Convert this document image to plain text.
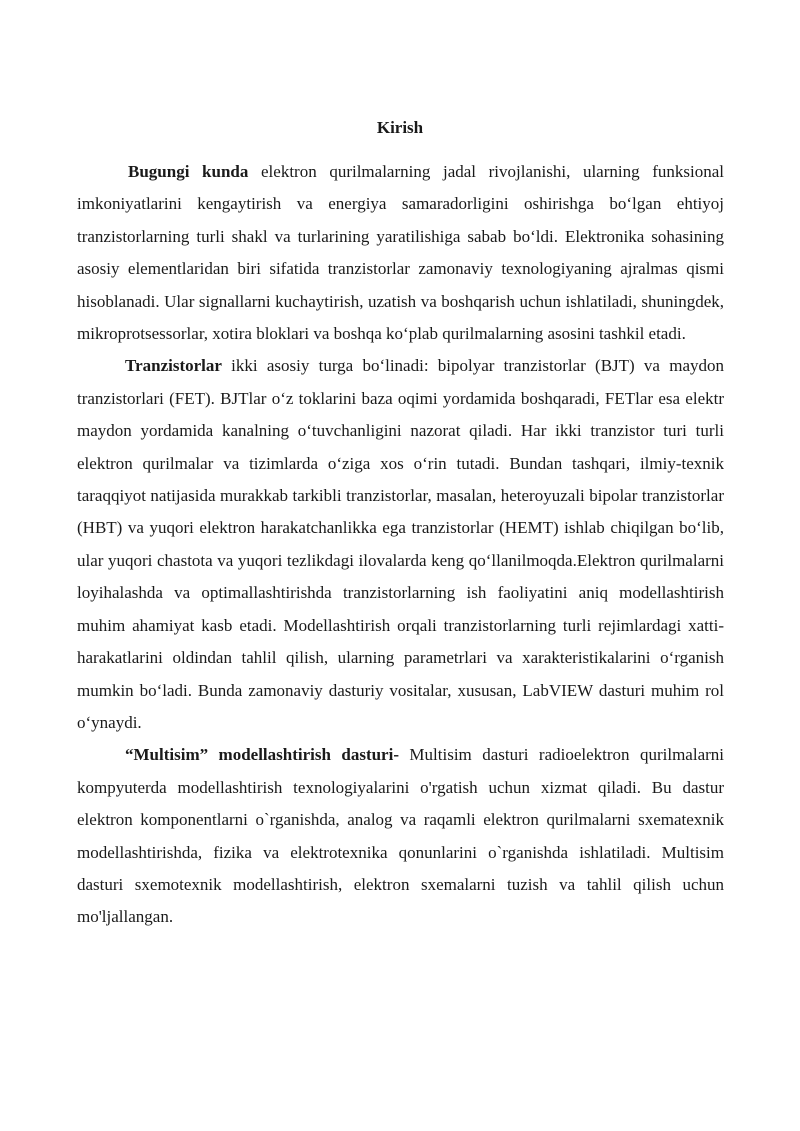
Kirish

Bugungi kunda elektron qurilmalarning jadal rivojlanishi, ularning funksional imkoniyatlarini kengaytirish va energiya samaradorligini oshirishga bo‘lgan ehtiyoj tranzistorlarning turli shakl va turlarining yaratilishiga sabab bo‘ldi. Elektronika sohasining asosiy elementlaridan biri sifatida tranzistorlar zamonaviy texnologiyaning ajralmas qismi hisoblanadi. Ular signallarni kuchaytirish, uzatish va boshqarish uchun ishlatiladi, shuningdek, mikroprotsessorlar, xotira bloklari va boshqa ko‘plab qurilmalarning asosini tashkil etadi.

Tranzistorlar ikki asosiy turga bo‘linadi: bipolyar tranzistorlar (BJT) va maydon tranzistorlari (FET). BJTlar o‘z toklarini baza oqimi yordamida boshqaradi, FETlar esa elektr maydon yordamida kanalning o‘tuvchanligini nazorat qiladi. Har ikki tranzistor turi turli elektron qurilmalar va tizimlarda o‘ziga xos o‘rin tutadi. Bundan tashqari, ilmiy-texnik taraqqiyot natijasida murakkab tarkibli tranzistorlar, masalan, heteroyuzali bipolar tranzistorlar (HBT) va yuqori elektron harakatchanlikka ega tranzistorlar (HEMT) ishlab chiqilgan bo‘lib, ular yuqori chastota va yuqori tezlikdagi ilovalarda keng qo‘llanilmoqda.Elektron qurilmalarni loyihalashda va optimallashtirishda tranzistorlarning ish faoliyatini aniq modellashtirish muhim ahamiyat kasb etadi. Modellashtirish orqali tranzistorlarning turli rejimlardagi xatti-harakatlarini oldindan tahlil qilish, ularning parametrlari va xarakteristikalarini o‘rganish mumkin bo‘ladi. Bunda zamonaviy dasturiy vositalar, xususan, LabVIEW dasturi muhim rol o‘ynaydi.

“Multisim” modellashtirish dasturi- Multisim dasturi radioelektron qurilmalarni kompyuterda modellashtirish texnologiyalarini o'rgatish uchun xizmat qiladi. Bu dastur elektron komponentlarni o`rganishda, analog va raqamli elektron qurilmalarni sxematexnik modellashtirishda, fizika va elektrotexnika qonunlarini o`rganishda ishlatiladi. Multisim dasturi sxemotexnik modellashtirish, elektron sxemalarni tuzish va tahlil qilish uchun mo'ljallangan.
